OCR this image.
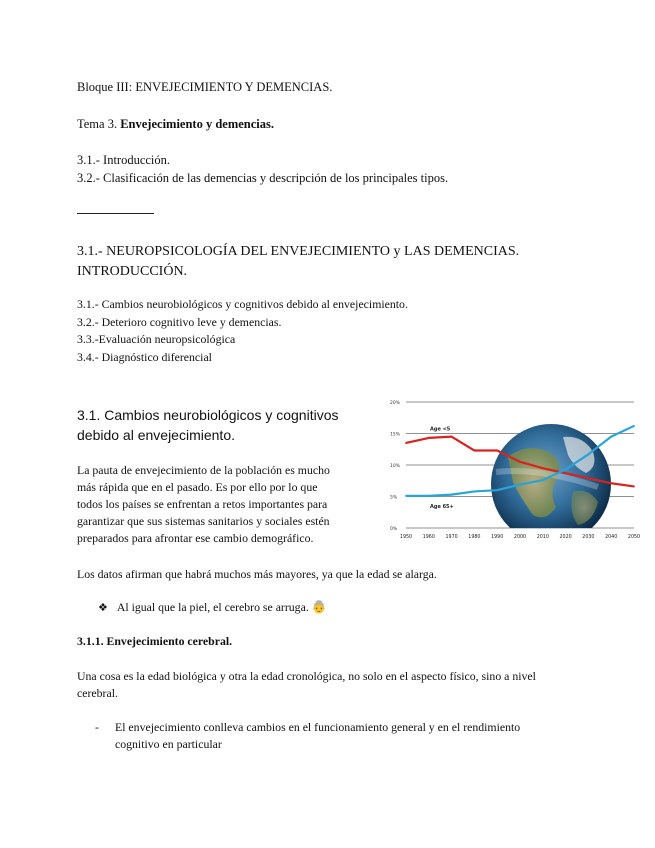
Bloque III: ENVEJECIMIENTO Y DEMENCIAS.
Tema 3. Envejecimiento y demencias.
3.1.- Introducción.
3.2.- Clasificación de las demencias y descripción de los principales tipos.
3.1.- NEUROPSICOLOGÍA DEL ENVEJECIMIENTO y LAS DEMENCIAS.
INTRODUCCIÓN.
3.1.- Cambios neurobiológicos y cognitivos debido al envejecimiento.
3.2.- Deterioro cognitivo leve y demencias.
3.3.-Evaluación neuropsicológica
3.4.- Diagnóstico diferencial
3.1. Cambios neurobiológicos y cognitivos
debido al envejecimiento.
La pauta de envejecimiento de la población es mucho
más rápida que en el pasado. Es por ello por lo que
todos los países se enfrentan a retos importantes para
garantizar que sus sistemas sanitarios y sociales estén
preparados para afrontar ese cambio demográfico.
0%
5%
10%
15%
20%
1950 1960 1970 1980 1990 2000 2010 2020 2030 2040 2050
Age <5
Age 65+
Los datos afirman que habrá muchos más mayores, ya que la edad se alarga.
❖ Al igual que la piel, el cerebro se arruga. 👵
3.1.1. Envejecimiento cerebral.
Una cosa es la edad biológica y otra la edad cronológica, no solo en el aspecto físico, sino a nivel
cerebral.
- El envejecimiento conlleva cambios en el funcionamiento general y en el rendimiento
cognitivo en particular
